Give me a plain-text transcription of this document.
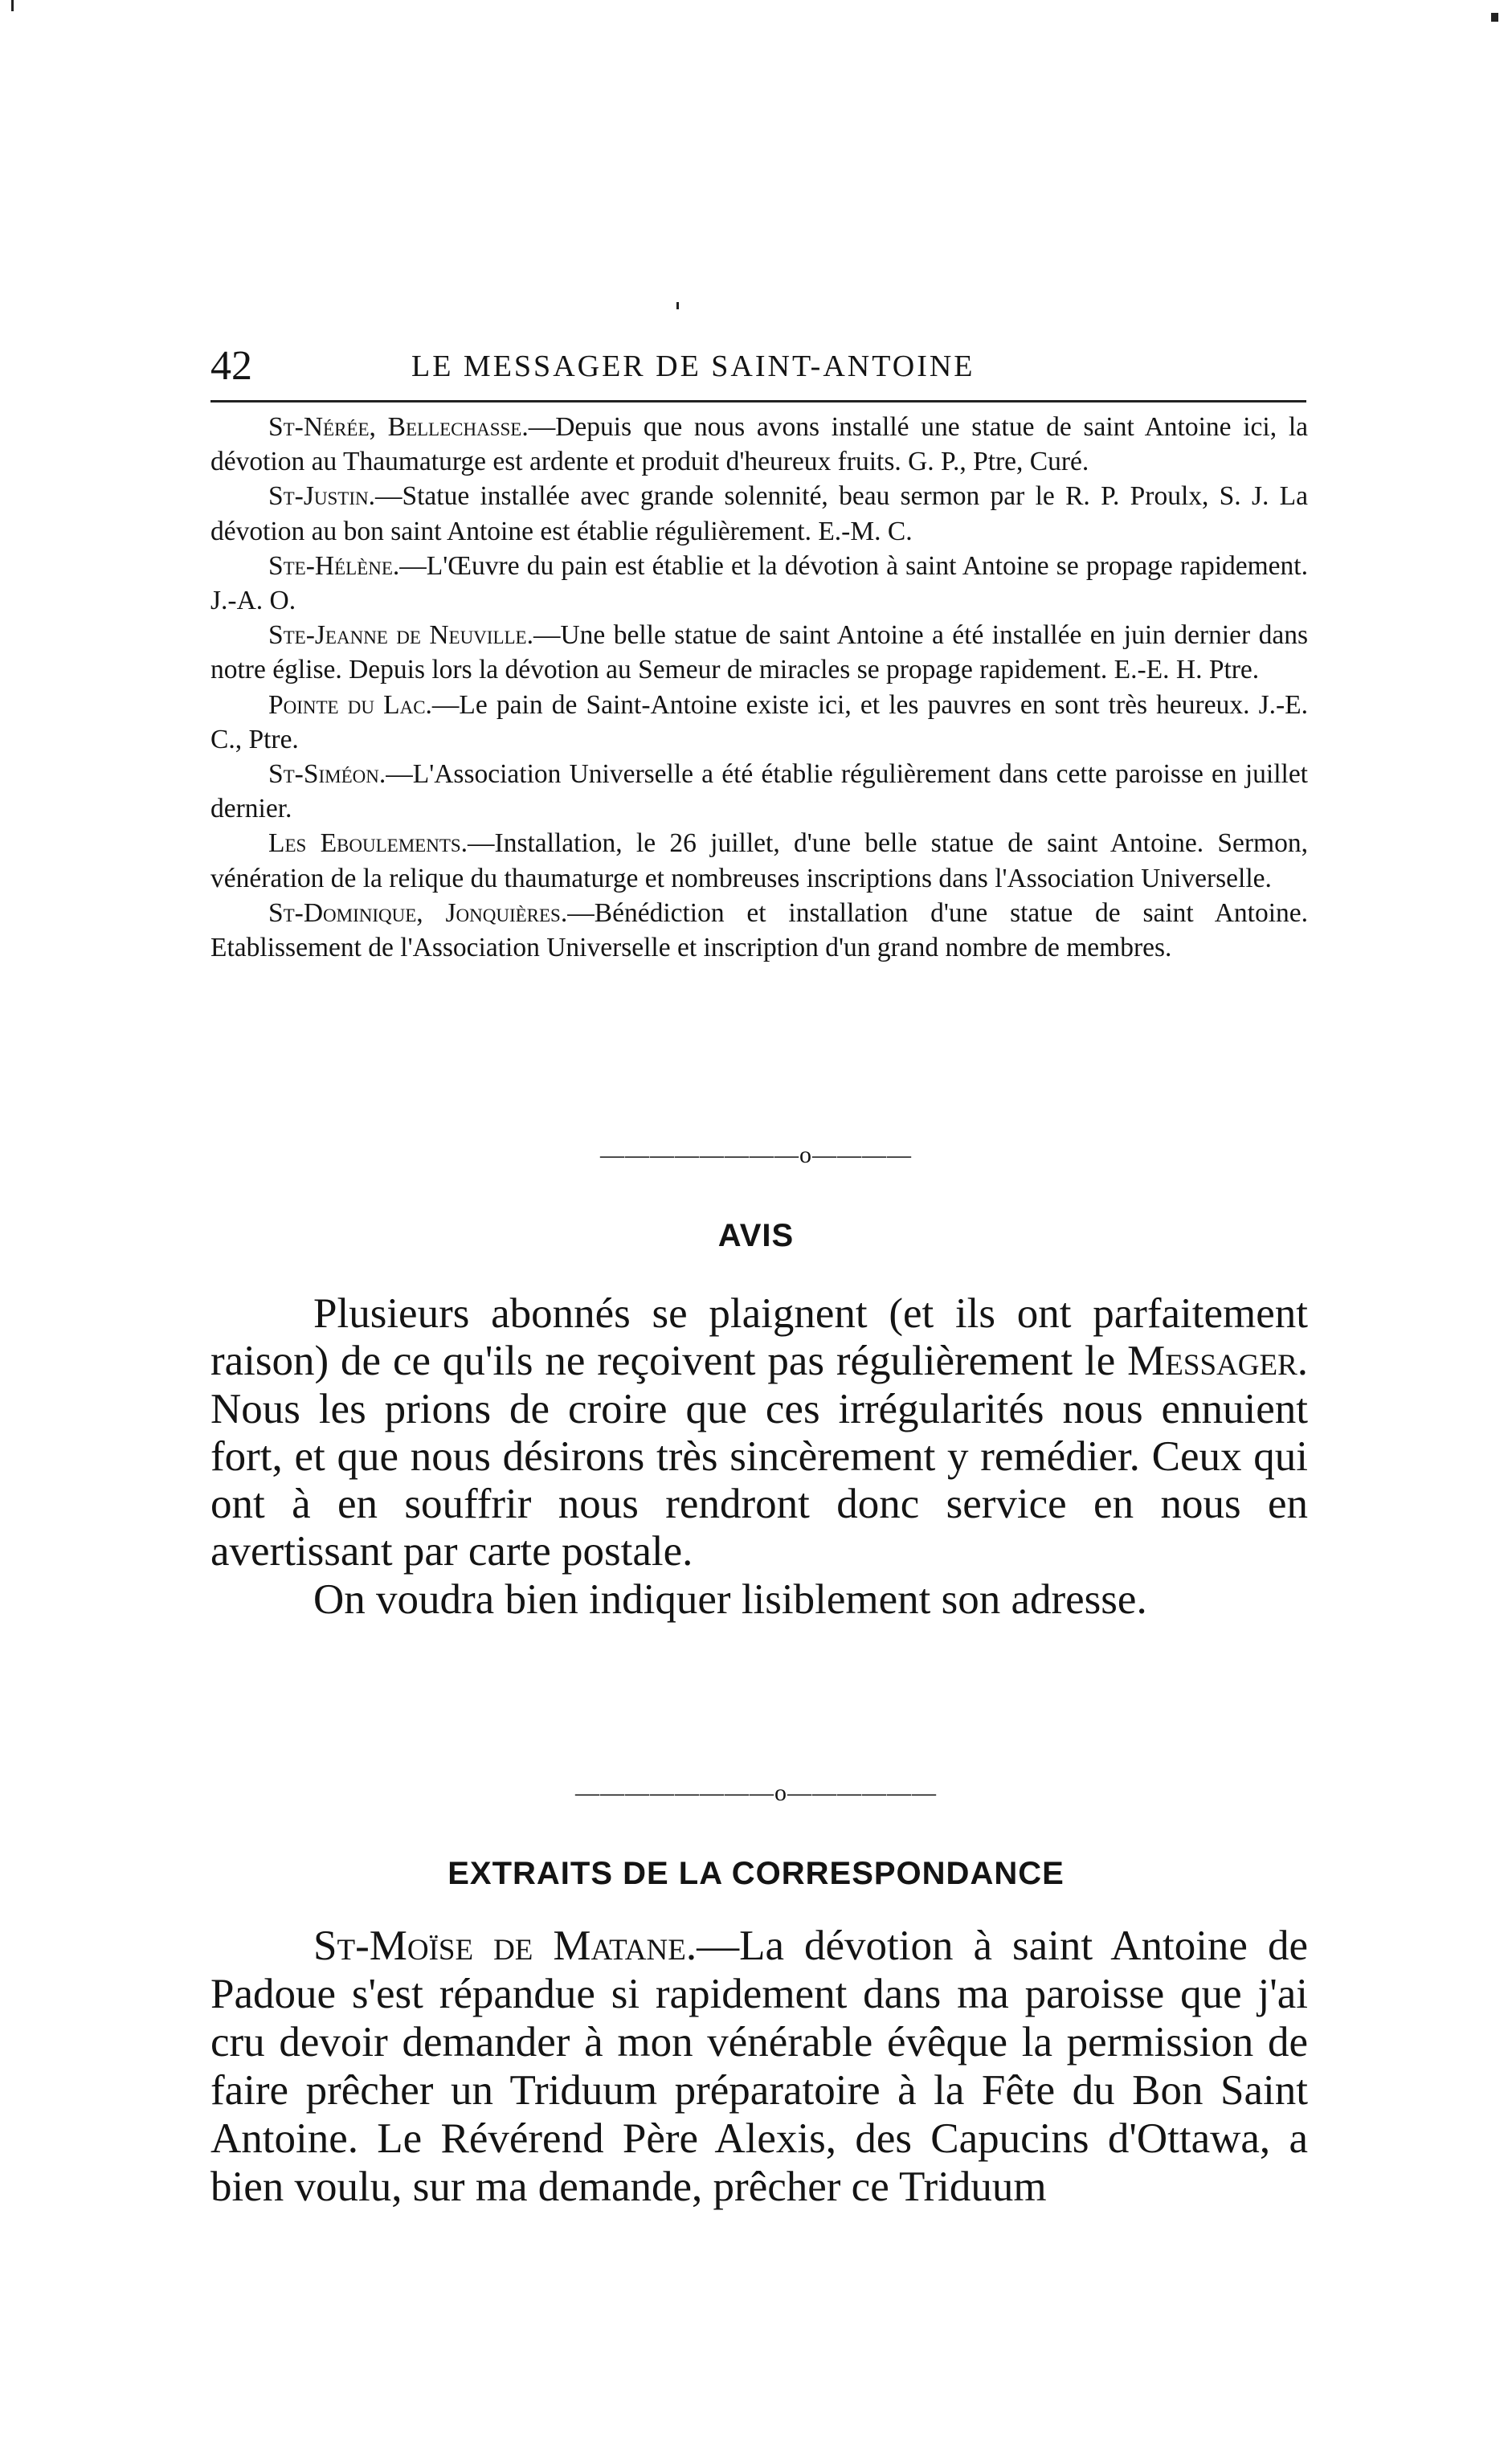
42	LE MESSAGER DE SAINT-ANTOINE

St-Nérée, Bellechasse.—Depuis que nous avons installé une statue de saint Antoine ici, la dévotion au Thaumaturge est ardente et produit d'heureux fruits. G. P., Ptre, Curé.

St-Justin.—Statue installée avec grande solennité, beau sermon par le R. P. Proulx, S. J. La dévotion au bon saint Antoine est établie régulièrement. E.-M. C.

Ste-Hélène.—L'Œuvre du pain est établie et la dévotion à saint Antoine se propage rapidement. J.-A. O.

Ste-Jeanne de Neuville.—Une belle statue de saint Antoine a été installée en juin dernier dans notre église. Depuis lors la dévotion au Semeur de miracles se propage rapidement. E.-E. H. Ptre.

Pointe du Lac.—Le pain de Saint-Antoine existe ici, et les pauvres en sont très heureux. J.-E. C., Ptre.

St-Siméon.—L'Association Universelle a été établie régulièrement dans cette paroisse en juillet dernier.

Les Eboulements.—Installation, le 26 juillet, d'une belle statue de saint Antoine. Sermon, vénération de la relique du thaumaturge et nombreuses inscriptions dans l'Association Universelle.

St-Dominique, Jonquières.—Bénédiction et installation d'une statue de saint Antoine. Etablissement de l'Association Universelle et inscription d'un grand nombre de membres.

————————o————
AVIS

Plusieurs abonnés se plaignent (et ils ont parfaitement raison) de ce qu'ils ne reçoivent pas régulièrement le Messager. Nous les prions de croire que ces irrégularités nous ennuient fort, et que nous désirons très sincèrement y remédier. Ceux qui ont à en souffrir nous rendront donc service en nous en avertissant par carte postale.

On voudra bien indiquer lisiblement son adresse.

————————o——————
EXTRAITS DE LA CORRESPONDANCE

St-Moïse de Matane.—La dévotion à saint Antoine de Padoue s'est répandue si rapidement dans ma paroisse que j'ai cru devoir demander à mon vénérable évêque la permission de faire prêcher un Triduum préparatoire à la Fête du Bon Saint Antoine. Le Révérend Père Alexis, des Capucins d'Ottawa, a bien voulu, sur ma demande, prêcher ce Triduum
